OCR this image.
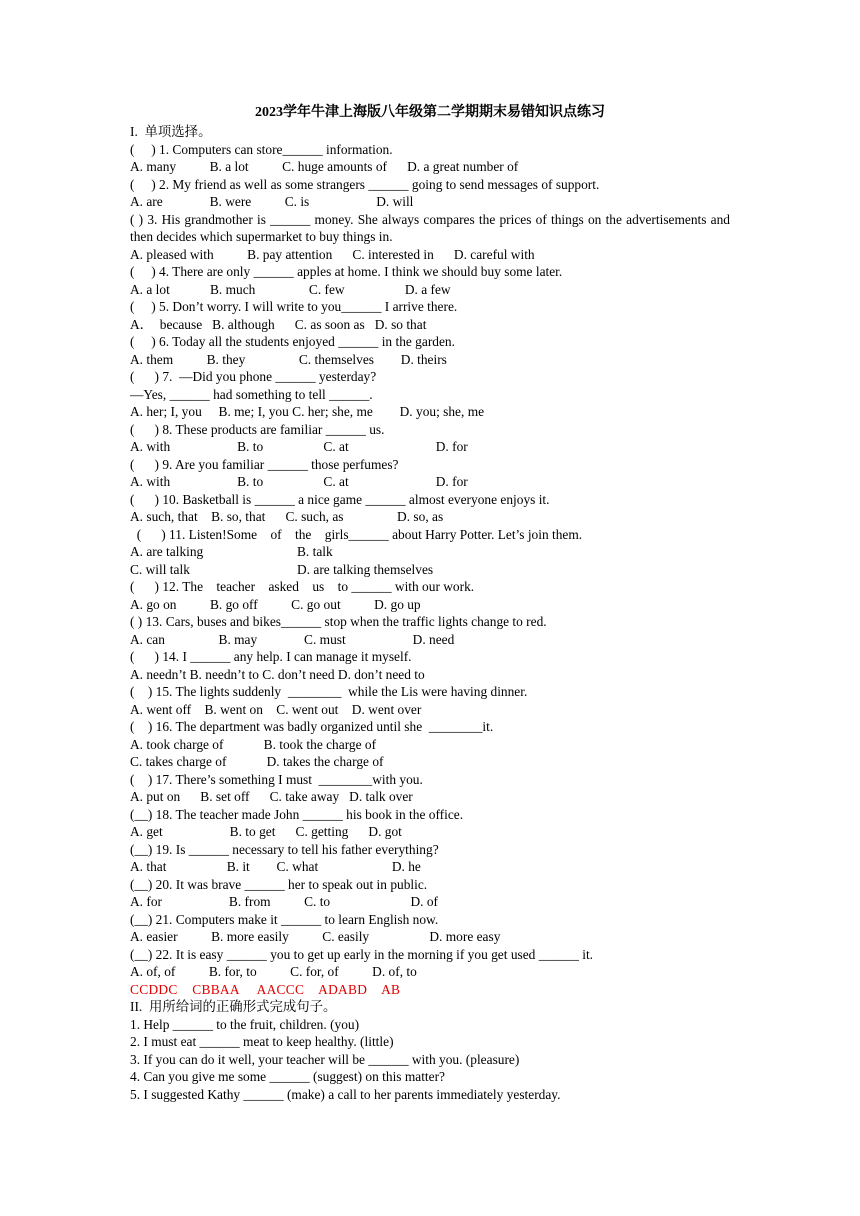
2023学年牛津上海版八年级第二学期期末易错知识点练习
I.  单项选择。
(     ) 1. Computers can store______ information.
A. many          B. a lot          C. huge amounts of      D. a great number of
(     ) 2. My friend as well as some strangers ______ going to send messages of support.
A. are              B. were          C. is                    D. will
( ) 3. His grandmother is ______ money. She always compares the prices of things on the advertisements and then decides which supermarket to buy things in.
A. pleased with          B. pay attention      C. interested in      D. careful with
(     ) 4. There are only ______ apples at home. I think we should buy some later.
A. a lot            B. much                C. few                  D. a few
(     ) 5. Don’t worry. I will write to you______ I arrive there.
A．  because   B. although      C. as soon as   D. so that
(     ) 6. Today all the students enjoyed ______ in the garden.
A. them          B. they                C. themselves        D. theirs
(      ) 7.  —Did you phone ______ yesterday?
—Yes, ______ had something to tell ______.
A. her; I, you     B. me; I, you C. her; she, me        D. you; she, me
(      ) 8. These products are familiar ______ us.
A. with                    B. to                  C. at                          D. for
(      ) 9. Are you familiar ______ those perfumes?
A. with                    B. to                  C. at                          D. for
(      ) 10. Basketball is ______ a nice game ______ almost everyone enjoys it.
A. such, that    B. so, that      C. such, as                D. so, as
(      ) 11. Listen!Some    of    the    girls______ about Harry Potter. Let’s join them.
A. are talking                            B. talk
C. will talk                                D. are talking themselves
(      ) 12. The    teacher    asked    us    to ______ with our work.
A. go on          B. go off          C. go out          D. go up
( ) 13. Cars, buses and bikes______ stop when the traffic lights change to red.
A. can                B. may              C. must                    D. need
(      ) 14. I ______ any help. I can manage it myself.
A. needn’t B. needn’t to C. don’t need D. don’t need to
(    ) 15. The lights suddenly  ________  while the Lis were having dinner.
A. went off    B. went on    C. went out    D. went over
(    ) 16. The department was badly organized until she  ________it.
A. took charge of            B. took the charge of
C. takes charge of            D. takes the charge of
(    ) 17. There’s something I must  ________with you.
A. put on      B. set off      C. take away   D. talk over
(__) 18. The teacher made John ______ his book in the office.
A. get                    B. to get      C. getting      D. got
(__) 19. Is ______ necessary to tell his father everything?
A. that                  B. it        C. what                      D. he
(__) 20. It was brave ______ her to speak out in public.
A. for                    B. from          C. to                        D. of
(__) 21. Computers make it ______ to learn English now.
A. easier          B. more easily          C. easily                  D. more easy
(__) 22. It is easy ______ you to get up early in the morning if you get used ______ it.
A. of, of          B. for, to          C. for, of          D. of, to
CCDDC    CBBAA     AACCC    ADABD    AB
II.  用所给词的正确形式完成句子。
1. Help ______ to the fruit, children. (you)
2. I must eat ______ meat to keep healthy. (little)
3. If you can do it well, your teacher will be ______ with you. (pleasure)
4. Can you give me some ______ (suggest) on this matter?
5. I suggested Kathy ______ (make) a call to her parents immediately yesterday.
